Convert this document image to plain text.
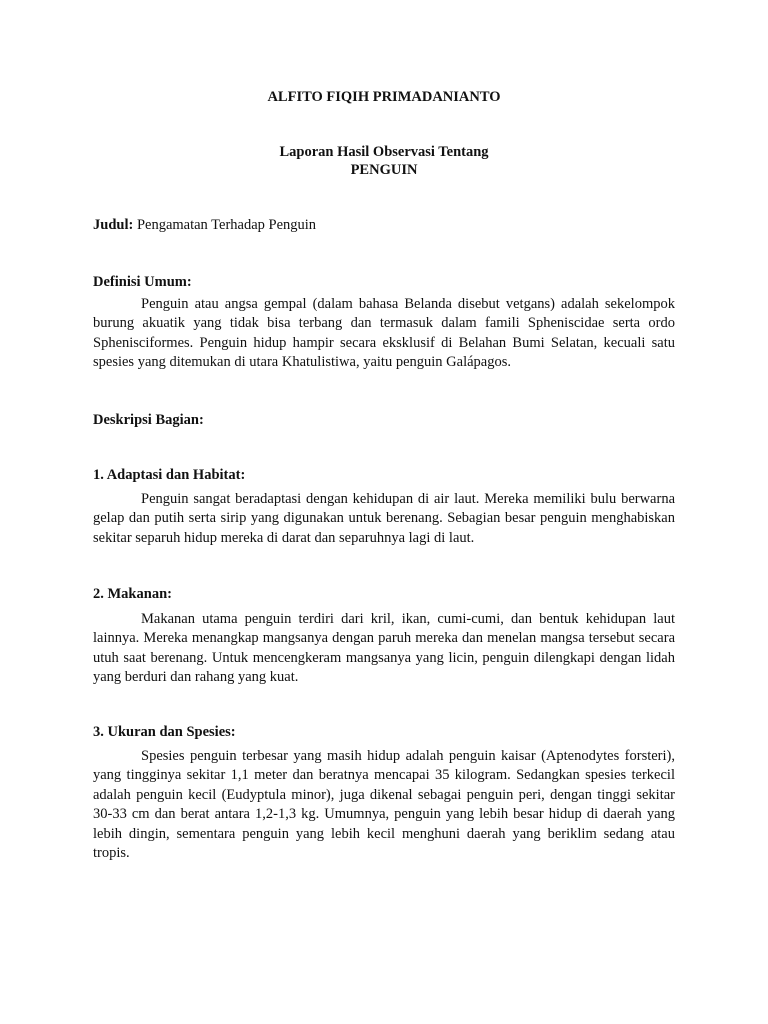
ALFITO FIQIH PRIMADANIANTO

Laporan Hasil Observasi Tentang

PENGUIN

Judul: Pengamatan Terhadap Penguin

Definisi Umum:

Penguin atau angsa gempal (dalam bahasa Belanda disebut vetgans) adalah sekelompok burung akuatik yang tidak bisa terbang dan termasuk dalam famili Spheniscidae serta ordo Sphenisciformes. Penguin hidup hampir secara eksklusif di Belahan Bumi Selatan, kecuali satu spesies yang ditemukan di utara Khatulistiwa, yaitu penguin Galápagos.

Deskripsi Bagian:

1. Adaptasi dan Habitat:

Penguin sangat beradaptasi dengan kehidupan di air laut. Mereka memiliki bulu berwarna gelap dan putih serta sirip yang digunakan untuk berenang. Sebagian besar penguin menghabiskan sekitar separuh hidup mereka di darat dan separuhnya lagi di laut.

2. Makanan:

Makanan utama penguin terdiri dari kril, ikan, cumi-cumi, dan bentuk kehidupan laut lainnya. Mereka menangkap mangsanya dengan paruh mereka dan menelan mangsa tersebut secara utuh saat berenang. Untuk mencengkeram mangsanya yang licin, penguin dilengkapi dengan lidah yang berduri dan rahang yang kuat.

3. Ukuran dan Spesies:

Spesies penguin terbesar yang masih hidup adalah penguin kaisar (Aptenodytes forsteri), yang tingginya sekitar 1,1 meter dan beratnya mencapai 35 kilogram. Sedangkan spesies terkecil adalah penguin kecil (Eudyptula minor), juga dikenal sebagai penguin peri, dengan tinggi sekitar 30-33 cm dan berat antara 1,2-1,3 kg. Umumnya, penguin yang lebih besar hidup di daerah yang lebih dingin, sementara penguin yang lebih kecil menghuni daerah yang beriklim sedang atau tropis.
